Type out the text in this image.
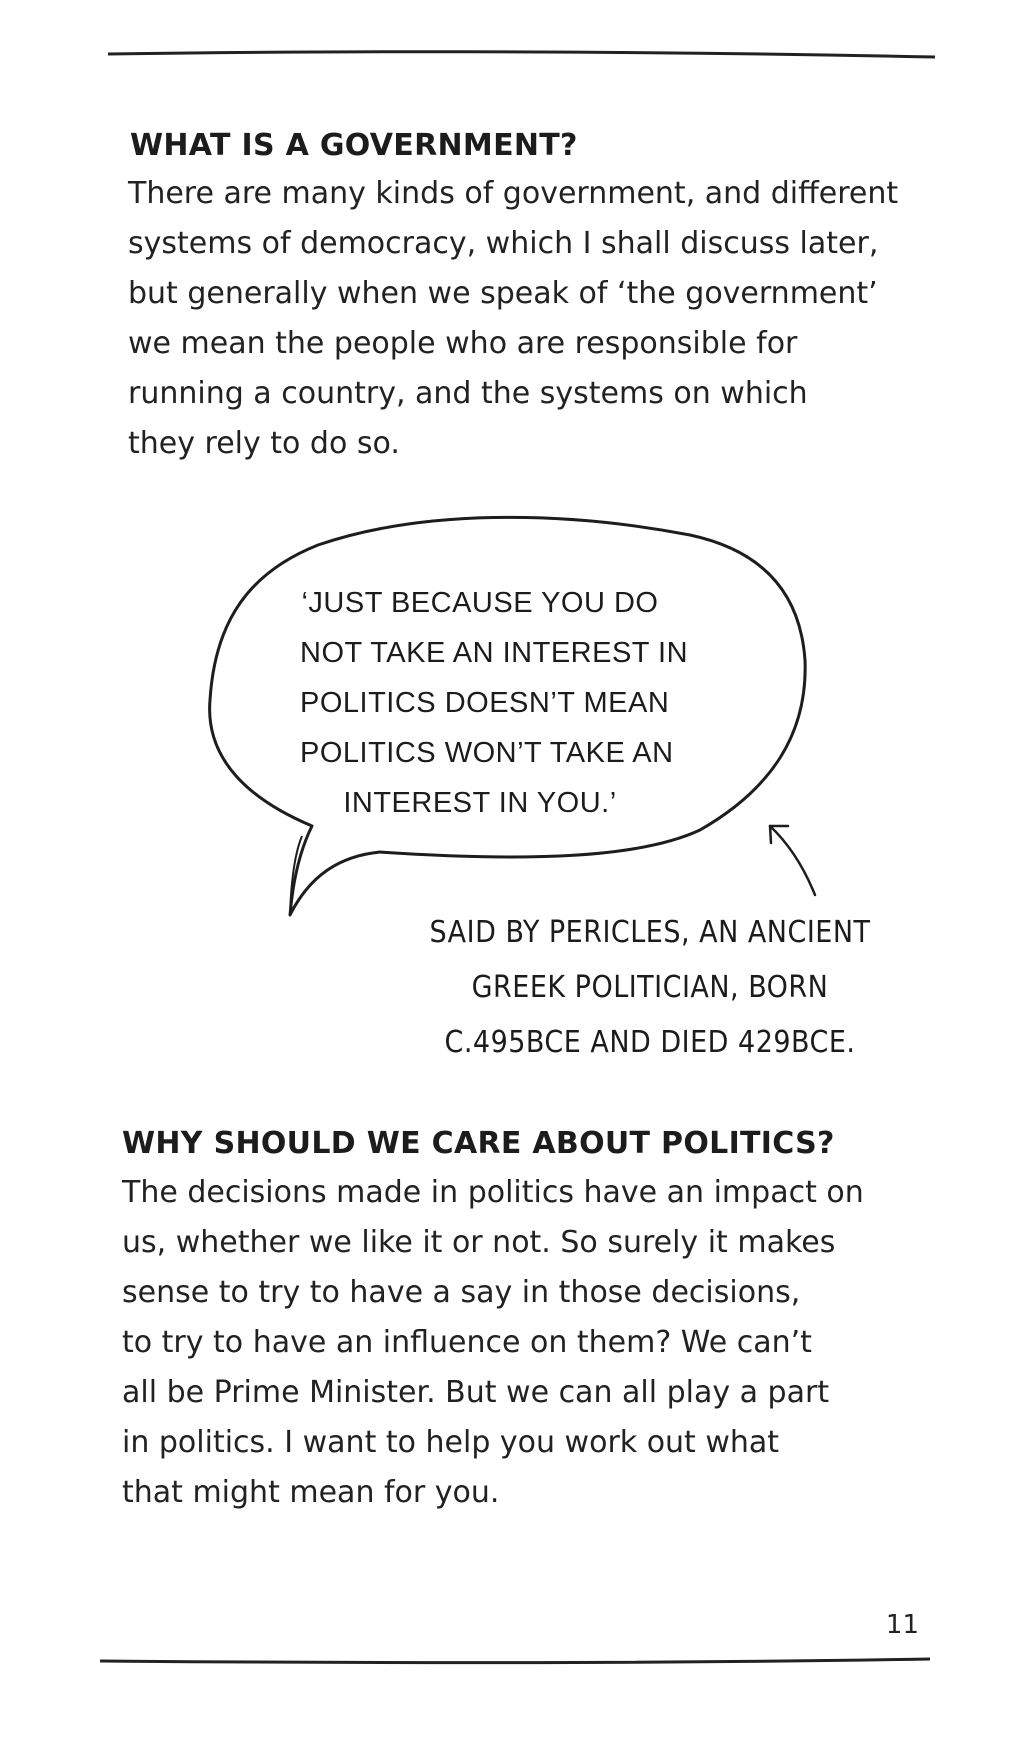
WHAT IS A GOVERNMENT?
There are many kinds of government, and different
systems of democracy, which I shall discuss later,
but generally when we speak of ‘the government’
we mean the people who are responsible for
running a country, and the systems on which
they rely to do so.
‘JUST BECAUSE YOU DO
NOT TAKE AN INTEREST IN
POLITICS DOESN’T MEAN
POLITICS WON’T TAKE AN
INTEREST IN YOU.’
SAID BY PERICLES, AN ANCIENT
GREEK POLITICIAN, BORN
C.495BCE AND DIED 429BCE.
WHY SHOULD WE CARE ABOUT POLITICS?
The decisions made in politics have an impact on
us, whether we like it or not. So surely it makes
sense to try to have a say in those decisions,
to try to have an influence on them? We can’t
all be Prime Minister. But we can all play a part
in politics. I want to help you work out what
that might mean for you.
11
